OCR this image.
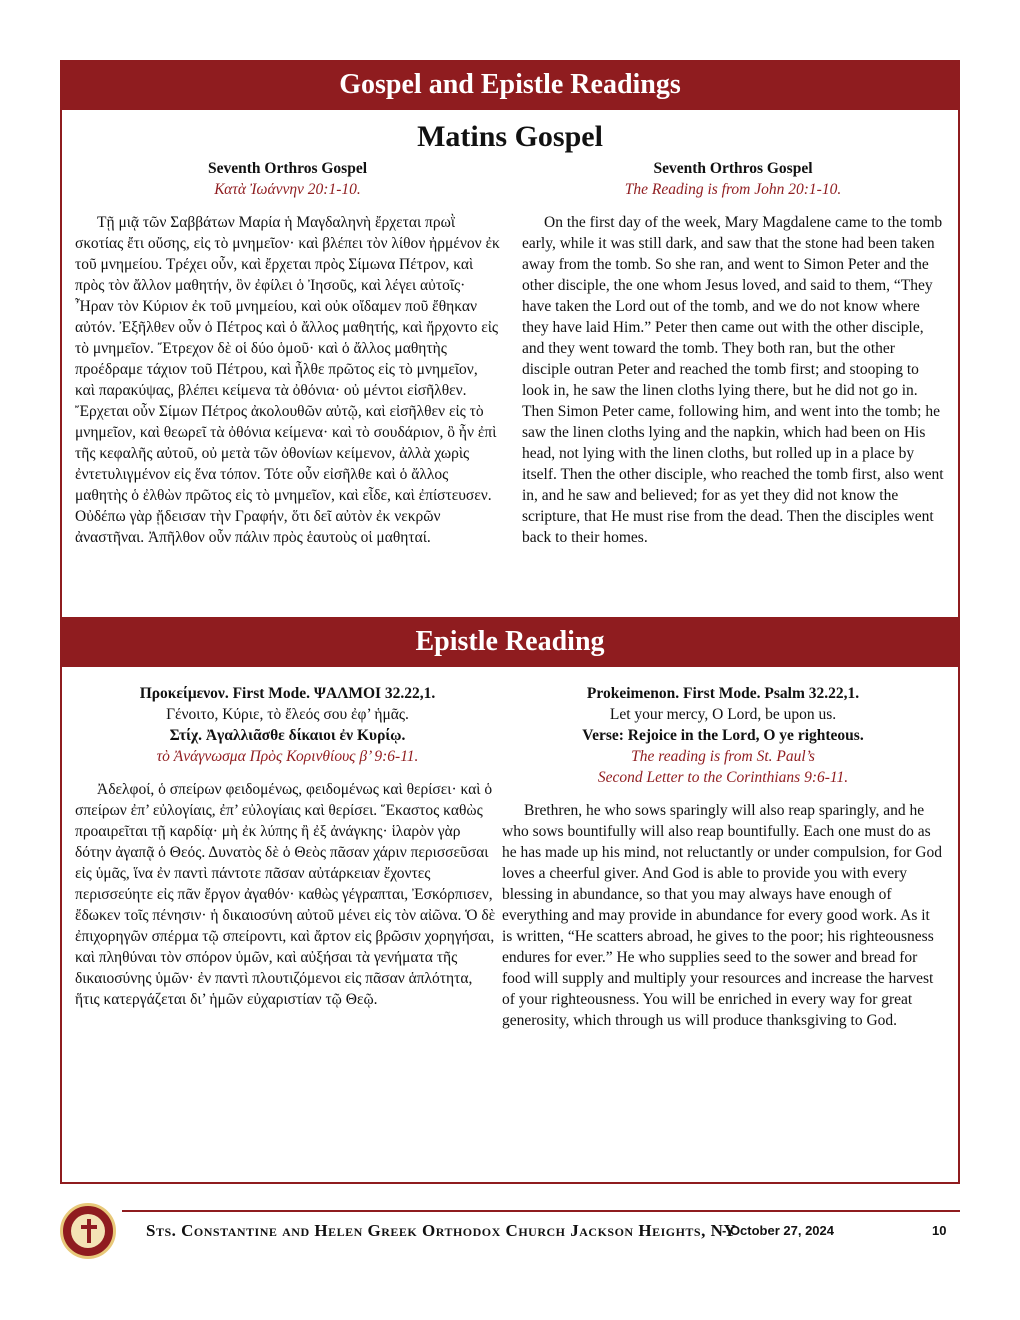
Gospel and Epistle Readings
Matins Gospel
Seventh Orthros Gospel
Κατὰ Ἰωάννην 20:1-10.
Τῇ μιᾷ τῶν Σαββάτων Μαρία ἡ Μαγδαληνὴ ἔρχεται πρωῒ σκοτίας ἔτι οὔσης, εἰς τὸ μνημεῖον· καὶ βλέπει τὸν λίθον ἠρμένον ἐκ τοῦ μνημείου. Τρέχει οὖν, καὶ ἔρχεται πρὸς Σίμωνα Πέτρον, καὶ πρὸς τὸν ἄλλον μαθητήν, ὃν ἐφίλει ὁ Ἰησοῦς, καὶ λέγει αὐτοῖς· Ἦραν τὸν Κύριον ἐκ τοῦ μνημείου, καὶ οὐκ οἴδαμεν ποῦ ἔθηκαν αὐτόν. Ἐξῆλθεν οὖν ὁ Πέτρος καὶ ὁ ἄλλος μαθητής, καὶ ἤρχοντο εἰς τὸ μνημεῖον. Ἔτρεχον δὲ οἱ δύο ὁμοῦ· καὶ ὁ ἄλλος μαθητὴς προέδραμε τάχιον τοῦ Πέτρου, καὶ ἦλθε πρῶτος εἰς τὸ μνημεῖον, καὶ παρακύψας, βλέπει κείμενα τὰ ὀθόνια· οὐ μέντοι εἰσῆλθεν. Ἔρχεται οὖν Σίμων Πέτρος ἀκολουθῶν αὐτῷ, καὶ εἰσῆλθεν εἰς τὸ μνημεῖον, καὶ θεωρεῖ τὰ ὀθόνια κείμενα· καὶ τὸ σουδάριον, ὃ ἦν ἐπὶ τῆς κεφαλῆς αὐτοῦ, οὐ μετὰ τῶν ὀθονίων κείμενον, ἀλλὰ χωρὶς ἐντετυλιγμένον εἰς ἕνα τόπον. Τότε οὖν εἰσῆλθε καὶ ὁ ἄλλος μαθητὴς ὁ ἐλθὼν πρῶτος εἰς τὸ μνημεῖον, καὶ εἶδε, καὶ ἐπίστευσεν. Οὐδέπω γὰρ ᾔδεισαν τὴν Γραφήν, ὅτι δεῖ αὐτὸν ἐκ νεκρῶν ἀναστῆναι. Ἀπῆλθον οὖν πάλιν πρὸς ἑαυτοὺς οἱ μαθηταί.
Seventh Orthros Gospel
The Reading is from John 20:1-10.
On the first day of the week, Mary Magdalene came to the tomb early, while it was still dark, and saw that the stone had been taken away from the tomb. So she ran, and went to Simon Peter and the other disciple, the one whom Jesus loved, and said to them, “They have taken the Lord out of the tomb, and we do not know where they have laid Him.” Peter then came out with the other disciple, and they went toward the tomb. They both ran, but the other disciple outran Peter and reached the tomb first; and stooping to look in, he saw the linen cloths lying there, but he did not go in. Then Simon Peter came, following him, and went into the tomb; he saw the linen cloths lying and the napkin, which had been on His head, not lying with the linen cloths, but rolled up in a place by itself. Then the other disciple, who reached the tomb first, also went in, and he saw and believed; for as yet they did not know the scripture, that He must rise from the dead. Then the disciples went back to their homes.
Epistle Reading
Προκείμενον. First Mode. ΨΑΛΜΟΙ 32.22,1.
Γένοιτο, Κύριε, τὸ ἔλεός σου ἐφ’ ἡμᾶς.
Στίχ. Ἀγαλλιᾶσθε δίκαιοι ἐν Κυρίῳ.
τὸ Ἀνάγνωσμα Πρὸς Κορινθίους β’ 9:6-11.
Ἀδελφοί, ὁ σπείρων φειδομένως, φειδομένως καὶ θερίσει· καὶ ὁ σπείρων ἐπ’ εὐλογίαις, ἐπ’ εὐλογίαις καὶ θερίσει. Ἕκαστος καθὼς προαιρεῖται τῇ καρδίᾳ· μὴ ἐκ λύπης ἢ ἐξ ἀνάγκης· ἱλαρὸν γὰρ δότην ἀγαπᾷ ὁ Θεός. Δυνατὸς δὲ ὁ Θεὸς πᾶσαν χάριν περισσεῦσαι εἰς ὑμᾶς, ἵνα ἐν παντὶ πάντοτε πᾶσαν αὐτάρκειαν ἔχοντες περισσεύητε εἰς πᾶν ἔργον ἀγαθόν· καθὼς γέγραπται, Ἐσκόρπισεν, ἔδωκεν τοῖς πένησιν· ἡ δικαιοσύνη αὐτοῦ μένει εἰς τὸν αἰῶνα. Ὁ δὲ ἐπιχορηγῶν σπέρμα τῷ σπείροντι, καὶ ἄρτον εἰς βρῶσιν χορηγήσαι, καὶ πληθύναι τὸν σπόρον ὑμῶν, καὶ αὐξήσαι τὰ γενήματα τῆς δικαιοσύνης ὑμῶν· ἐν παντὶ πλουτιζόμενοι εἰς πᾶσαν ἁπλότητα, ἥτις κατεργάζεται δι’ ἡμῶν εὐχαριστίαν τῷ Θεῷ.
Prokeimenon. First Mode. Psalm 32.22,1.
Let your mercy, O Lord, be upon us.
Verse: Rejoice in the Lord, O ye righteous.
The reading is from St. Paul’s
Second Letter to the Corinthians 9:6-11.
Brethren, he who sows sparingly will also reap sparingly, and he who sows bountifully will also reap bountifully. Each one must do as he has made up his mind, not reluctantly or under compulsion, for God loves a cheerful giver. And God is able to provide you with every blessing in abundance, so that you may always have enough of everything and may provide in abundance for every good work. As it is written, “He scatters abroad, he gives to the poor; his righteousness endures for ever.” He who supplies seed to the sower and bread for food will supply and multiply your resources and increase the harvest of your righteousness. You will be enriched in every way for great generosity, which through us will produce thanksgiving to God.
Sts. Constantine and Helen Greek Orthodox Church Jackson Heights, NY
- October 27, 2024	10
